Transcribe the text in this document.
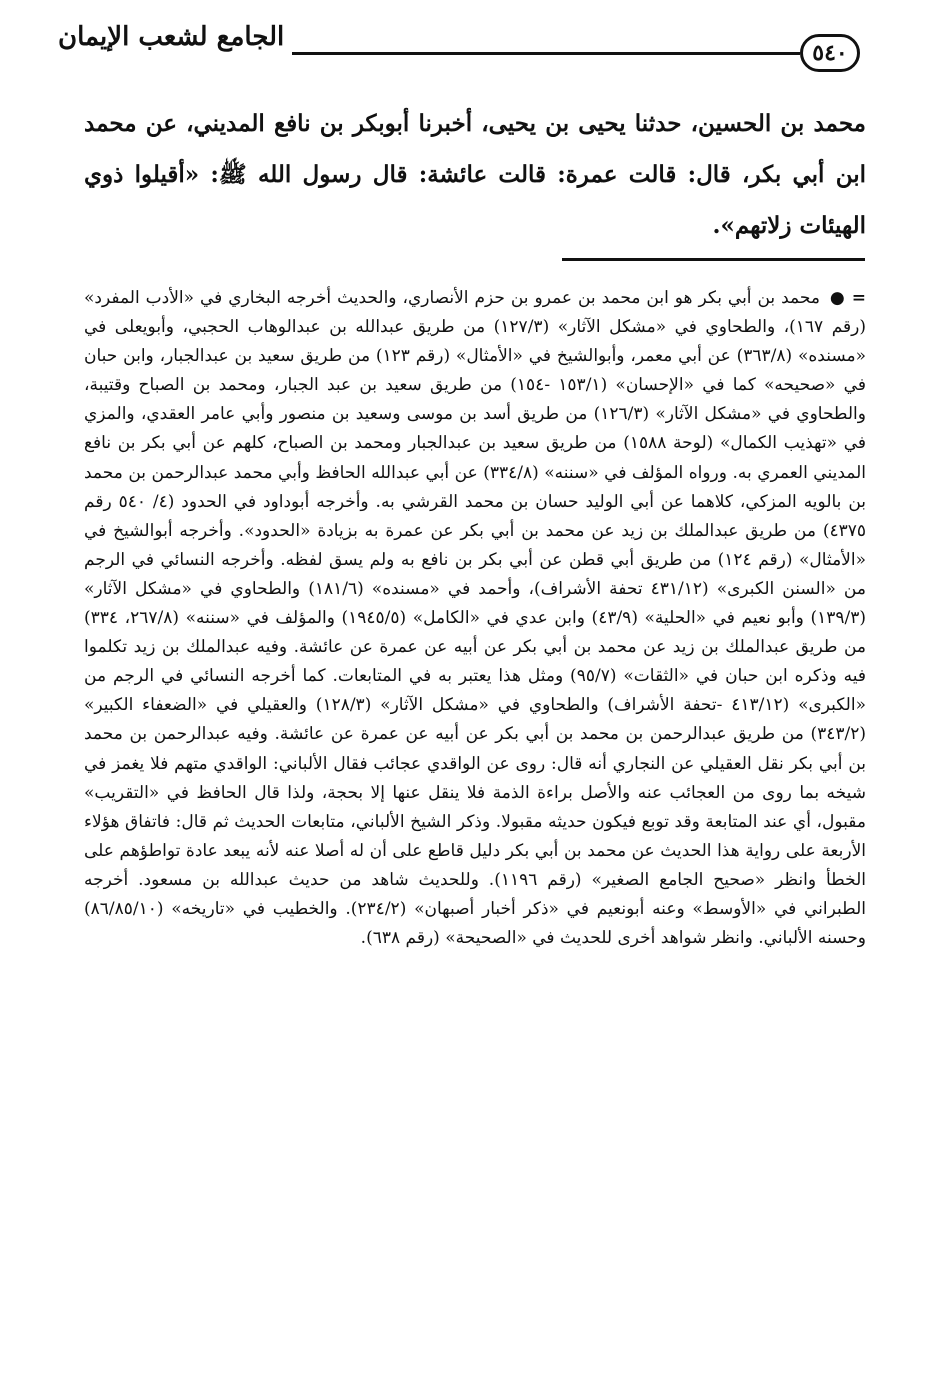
الجامع لشعب الإيمان
٥٤٠
محمد بن الحسين، حدثنا يحيى بن يحيى، أخبرنا أبوبكر بن نافع المديني، عن محمد ابن أبي بكر، قال: قالت عمرة: قالت عائشة: قال رسول الله ﷺ: «أقيلوا ذوي الهيئات زلاتهم».
= ● محمد بن أبي بكر هو ابن محمد بن عمرو بن حزم الأنصاري، والحديث أخرجه البخاري في «الأدب المفرد» (رقم ١٦٧)، والطحاوي في «مشكل الآثار» (١٢٧/٣) من طريق عبدالله بن عبدالوهاب الحجبي، وأبويعلى في «مسنده» (٣٦٣/٨) عن أبي معمر، وأبوالشيخ في «الأمثال» (رقم ١٢٣) من طريق سعيد بن عبدالجبار، وابن حبان في «صحيحه» كما في «الإحسان» (١٥٣/١ -١٥٤) من طريق سعيد بن عبد الجبار، ومحمد بن الصباح وقتيبة، والطحاوي في «مشكل الآثار» (١٢٦/٣) من طريق أسد بن موسى وسعيد بن منصور وأبي عامر العقدي، والمزي في «تهذيب الكمال» (لوحة ١٥٨٨) من طريق سعيد بن عبدالجبار ومحمد بن الصباح، كلهم عن أبي بكر بن نافع المديني العمري به. ورواه المؤلف في «سننه» (٣٣٤/٨) عن أبي عبدالله الحافظ وأبي محمد عبدالرحمن بن محمد بن بالويه المزكي، كلاهما عن أبي الوليد حسان بن محمد القرشي به. وأخرجه أبوداود في الحدود (٤/ ٥٤٠ رقم ٤٣٧٥) من طريق عبدالملك بن زيد عن محمد بن أبي بكر عن عمرة به بزيادة «الحدود». وأخرجه أبوالشيخ في «الأمثال» (رقم ١٢٤) من طريق أبي قطن عن أبي بكر بن نافع به ولم يسق لفظه. وأخرجه النسائي في الرجم من «السنن الكبرى» (٤٣١/١٢ تحفة الأشراف)، وأحمد في «مسنده» (١٨١/٦) والطحاوي في «مشكل الآثار» (١٣٩/٣) وأبو نعيم في «الحلية» (٤٣/٩) وابن عدي في «الكامل» (١٩٤٥/٥) والمؤلف في «سننه» (٢٦٧/٨، ٣٣٤) من طريق عبدالملك بن زيد عن محمد بن أبي بكر عن أبيه عن عمرة عن عائشة. وفيه عبدالملك بن زيد تكلموا فيه وذكره ابن حبان في «الثقات» (٩٥/٧) ومثل هذا يعتبر به في المتابعات. كما أخرجه النسائي في الرجم من «الكبرى» (٤١٣/١٢ -تحفة الأشراف) والطحاوي في «مشكل الآثار» (١٢٨/٣) والعقيلي في «الضعفاء الكبير» (٣٤٣/٢) من طريق عبدالرحمن بن محمد بن أبي بكر عن أبيه عن عمرة عن عائشة. وفيه عبدالرحمن بن محمد بن أبي بكر نقل العقيلي عن النجاري أنه قال: روى عن الواقدي عجائب فقال الألباني: الواقدي متهم فلا يغمز في شيخه بما روى من العجائب عنه والأصل براءة الذمة فلا ينقل عنها إلا بحجة، ولذا قال الحافظ في «التقريب» مقبول، أي عند المتابعة وقد توبع فيكون حديثه مقبولا. وذكر الشيخ الألباني، متابعات الحديث ثم قال: فاتفاق هؤلاء الأربعة على رواية هذا الحديث عن محمد بن أبي بكر دليل قاطع على أن له أصلا عنه لأنه يبعد عادة تواطؤهم على الخطأ وانظر «صحيح الجامع الصغير» (رقم ١١٩٦). وللحديث شاهد من حديث عبدالله بن مسعود. أخرجه الطبراني في «الأوسط» وعنه أبونعيم في «ذكر أخبار أصبهان» (٢٣٤/٢). والخطيب في «تاريخه» (٨٦/٨٥/١٠) وحسنه الألباني. وانظر شواهد أخرى للحديث في «الصحيحة» (رقم ٦٣٨).
